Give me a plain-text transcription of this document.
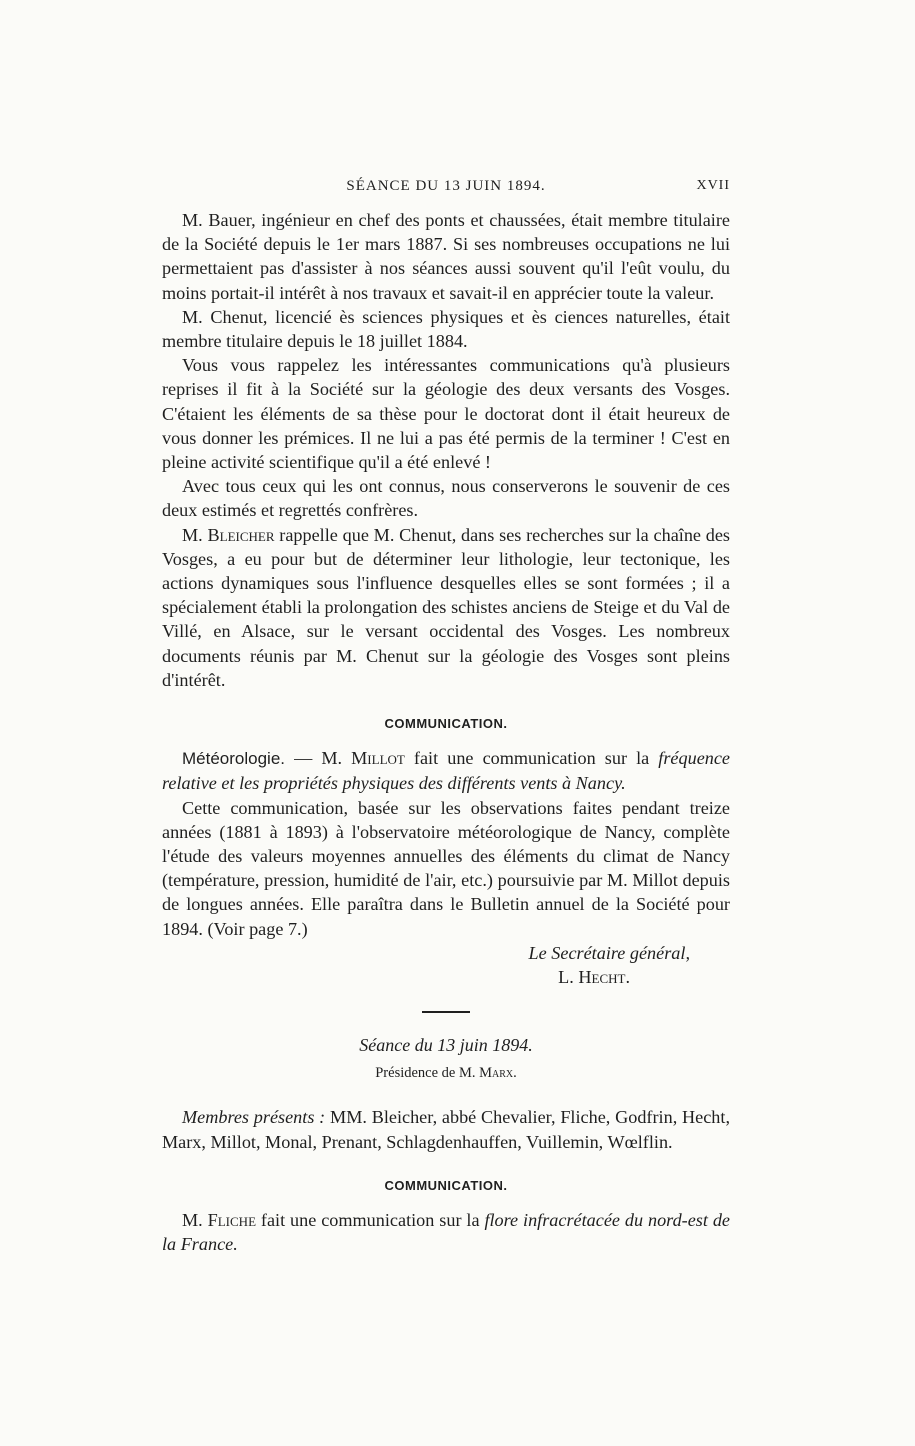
SÉANCE DU 13 JUIN 1894.	XVII

M. Bauer, ingénieur en chef des ponts et chaussées, était membre titulaire de la Société depuis le 1er mars 1887. Si ses nombreuses occupations ne lui permettaient pas d'assister à nos séances aussi souvent qu'il l'eût voulu, du moins portait-il intérêt à nos travaux et savait-il en apprécier toute la valeur.

M. Chenut, licencié ès sciences physiques et ès ciences naturelles, était membre titulaire depuis le 18 juillet 1884.

Vous vous rappelez les intéressantes communications qu'à plusieurs reprises il fit à la Société sur la géologie des deux versants des Vosges. C'étaient les éléments de sa thèse pour le doctorat dont il était heureux de vous donner les prémices. Il ne lui a pas été permis de la terminer ! C'est en pleine activité scientifique qu'il a été enlevé !

Avec tous ceux qui les ont connus, nous conserverons le souvenir de ces deux estimés et regrettés confrères.

M. Bleicher rappelle que M. Chenut, dans ses recherches sur la chaîne des Vosges, a eu pour but de déterminer leur lithologie, leur tectonique, les actions dynamiques sous l'influence desquelles elles se sont formées ; il a spécialement établi la prolongation des schistes anciens de Steige et du Val de Villé, en Alsace, sur le versant occidental des Vosges. Les nombreux documents réunis par M. Chenut sur la géologie des Vosges sont pleins d'intérêt.

COMMUNICATION.

Météorologie. — M. Millot fait une communication sur la fréquence relative et les propriétés physiques des différents vents à Nancy.

Cette communication, basée sur les observations faites pendant treize années (1881 à 1893) à l'observatoire météorologique de Nancy, complète l'étude des valeurs moyennes annuelles des éléments du climat de Nancy (température, pression, humidité de l'air, etc.) poursuivie par M. Millot depuis de longues années. Elle paraîtra dans le Bulletin annuel de la Société pour 1894. (Voir page 7.)

Le Secrétaire général,
L. Hecht.
Séance du 13 juin 1894.
Présidence de M. Marx.

Membres présents : MM. Bleicher, abbé Chevalier, Fliche, Godfrin, Hecht, Marx, Millot, Monal, Prenant, Schlagdenhauffen, Vuillemin, Wœlflin.

COMMUNICATION.

M. Fliche fait une communication sur la flore infracrétacée du nord-est de la France.
